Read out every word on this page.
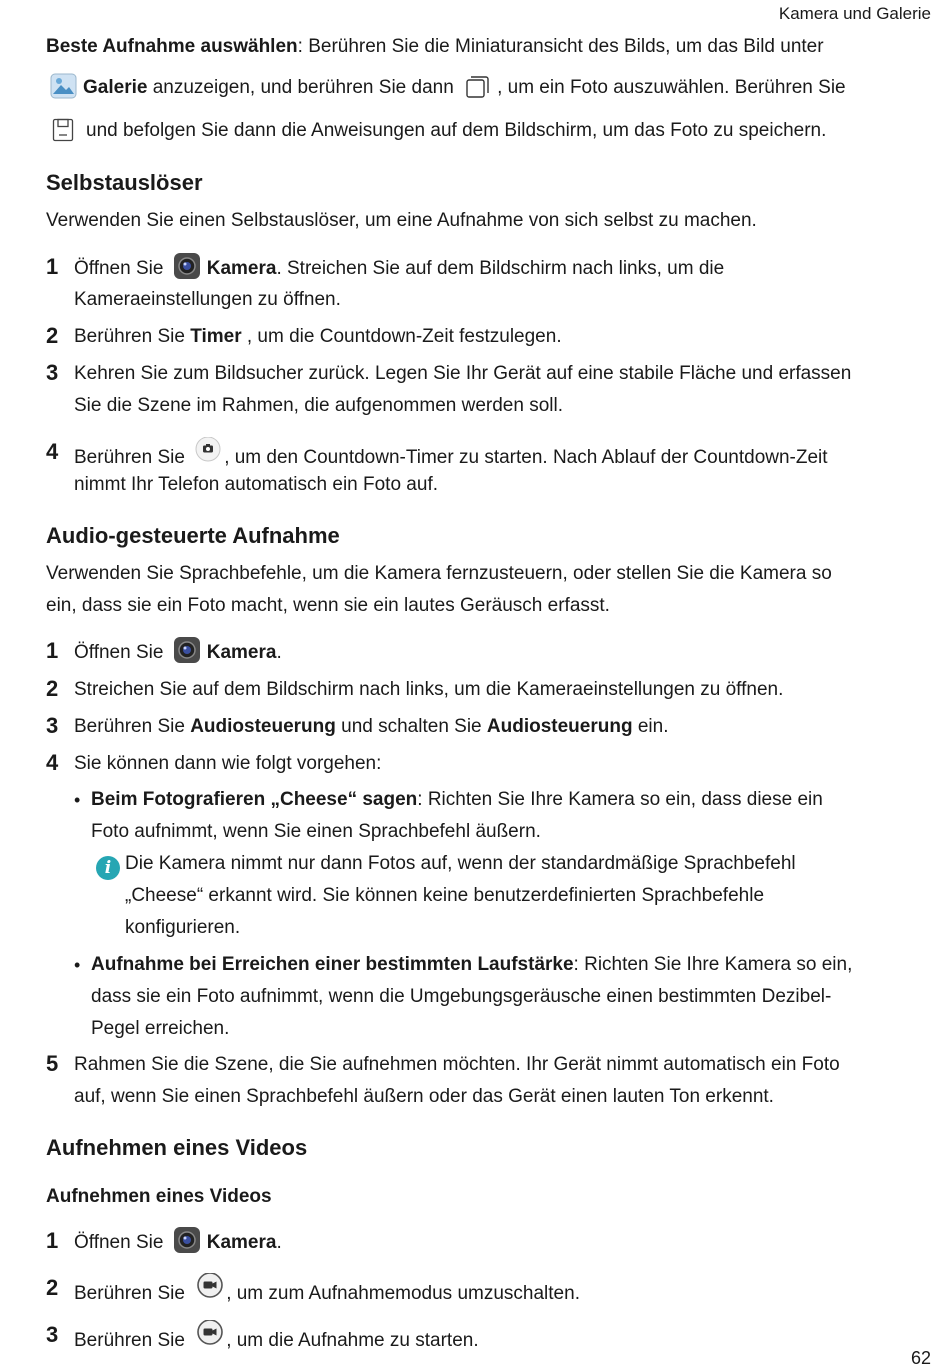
Kamera und Galerie
Beste Aufnahme auswählen: Berühren Sie die Miniaturansicht des Bilds, um das Bild unter
Galerie anzuzeigen, und berühren Sie dann , um ein Foto auszuwählen. Berühren Sie
und befolgen Sie dann die Anweisungen auf dem Bildschirm, um das Foto zu speichern.
Selbstauslöser
Verwenden Sie einen Selbstauslöser, um eine Aufnahme von sich selbst zu machen.
1 Öffnen Sie Kamera. Streichen Sie auf dem Bildschirm nach links, um die
Kameraeinstellungen zu öffnen.
2 Berühren Sie Timer , um die Countdown-Zeit festzulegen.
3 Kehren Sie zum Bildsucher zurück. Legen Sie Ihr Gerät auf eine stabile Fläche und erfassen
Sie die Szene im Rahmen, die aufgenommen werden soll.
4 Berühren Sie , um den Countdown-Timer zu starten. Nach Ablauf der Countdown-Zeit
nimmt Ihr Telefon automatisch ein Foto auf.
Audio-gesteuerte Aufnahme
Verwenden Sie Sprachbefehle, um die Kamera fernzusteuern, oder stellen Sie die Kamera so
ein, dass sie ein Foto macht, wenn sie ein lautes Geräusch erfasst.
1 Öffnen Sie Kamera.
2 Streichen Sie auf dem Bildschirm nach links, um die Kameraeinstellungen zu öffnen.
3 Berühren Sie Audiosteuerung und schalten Sie Audiosteuerung ein.
4 Sie können dann wie folgt vorgehen:
• Beim Fotografieren „Cheese“ sagen: Richten Sie Ihre Kamera so ein, dass diese ein
Foto aufnimmt, wenn Sie einen Sprachbefehl äußern.
i Die Kamera nimmt nur dann Fotos auf, wenn der standardmäßige Sprachbefehl
„Cheese“ erkannt wird. Sie können keine benutzerdefinierten Sprachbefehle
konfigurieren.
• Aufnahme bei Erreichen einer bestimmten Laufstärke: Richten Sie Ihre Kamera so ein,
dass sie ein Foto aufnimmt, wenn die Umgebungsgeräusche einen bestimmten Dezibel-
Pegel erreichen.
5 Rahmen Sie die Szene, die Sie aufnehmen möchten. Ihr Gerät nimmt automatisch ein Foto
auf, wenn Sie einen Sprachbefehl äußern oder das Gerät einen lauten Ton erkennt.
Aufnehmen eines Videos
Aufnehmen eines Videos
1 Öffnen Sie Kamera.
2 Berühren Sie , um zum Aufnahmemodus umzuschalten.
3 Berühren Sie , um die Aufnahme zu starten.
62
